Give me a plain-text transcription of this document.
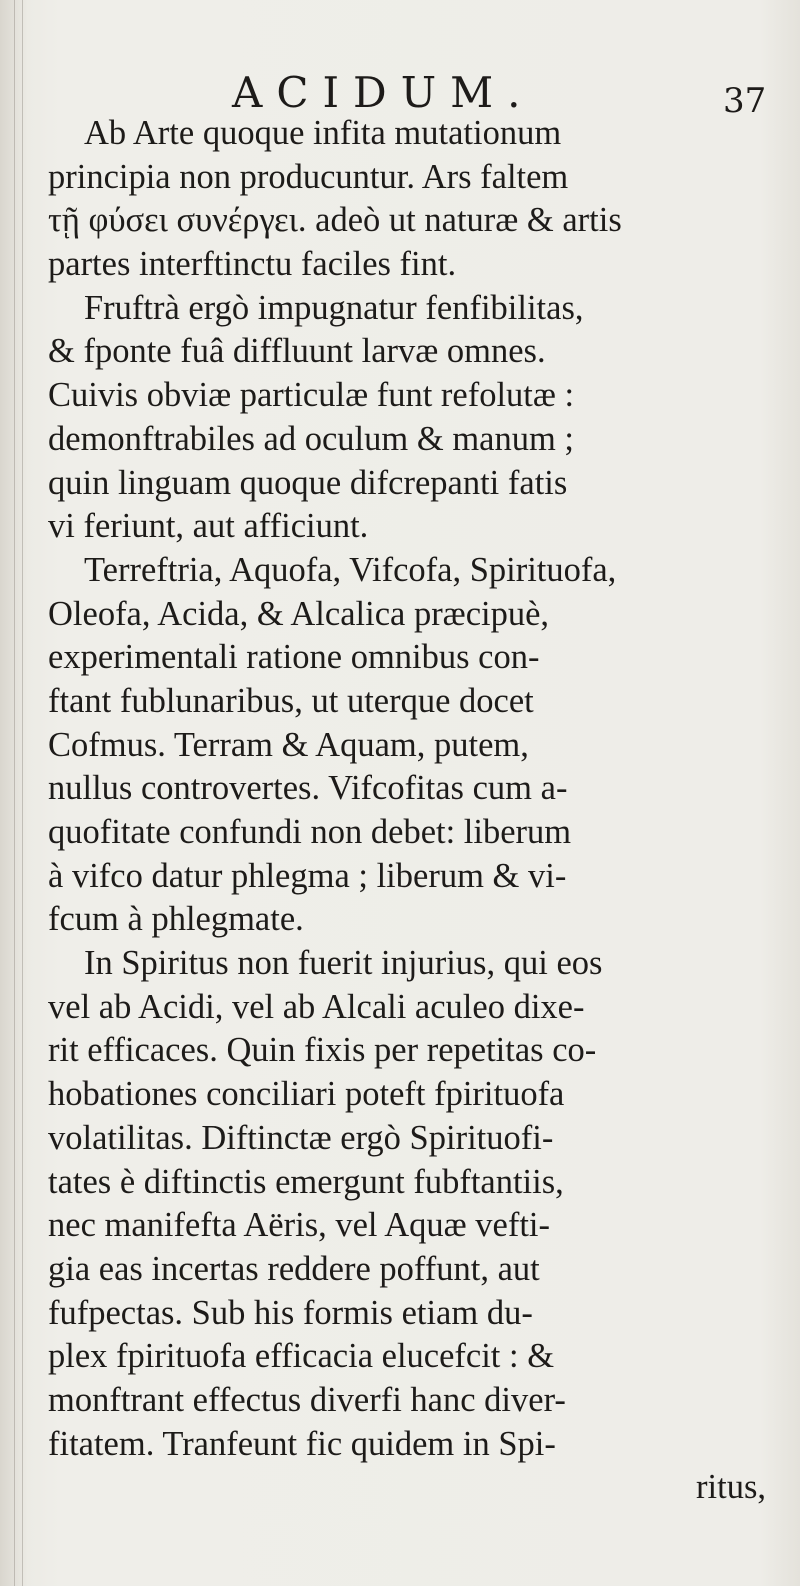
ACIDUM.	37
Ab Arte quoque infita mutationum
principia non producuntur. Ars faltem
τῇ φύσει συνέργει. adeò ut naturæ & artis
partes interftinctu faciles fint.
Fruftrà ergò impugnatur fenfibilitas,
& fponte fuâ diffluunt larvæ omnes.
Cuivis obviæ particulæ funt refolutæ :
demonftrabiles ad oculum & manum ;
quin linguam quoque difcrepanti fatis
vi feriunt, aut afficiunt.
Terreftria, Aquofa, Vifcofa, Spirituofa,
Oleofa, Acida, & Alcalica præcipuè,
experimentali ratione omnibus con-
ftant fublunaribus, ut uterque docet
Cofmus. Terram & Aquam, putem,
nullus controvertes. Vifcofitas cum a-
quofitate confundi non debet: liberum
à vifco datur phlegma ; liberum & vi-
fcum à phlegmate.
In Spiritus non fuerit injurius, qui eos
vel ab Acidi, vel ab Alcali aculeo dixe-
rit efficaces. Quin fixis per repetitas co-
hobationes conciliari poteft fpirituofa
volatilitas. Diftinctæ ergò Spirituofi-
tates è diftinctis emergunt fubftantiis,
nec manifefta Aëris, vel Aquæ vefti-
gia eas incertas reddere poffunt, aut
fufpectas. Sub his formis etiam du-
plex fpirituofa efficacia elucefcit : &
monftrant effectus diverfi hanc diver-
fitatem. Tranfeunt fic quidem in Spi-
ritus,
